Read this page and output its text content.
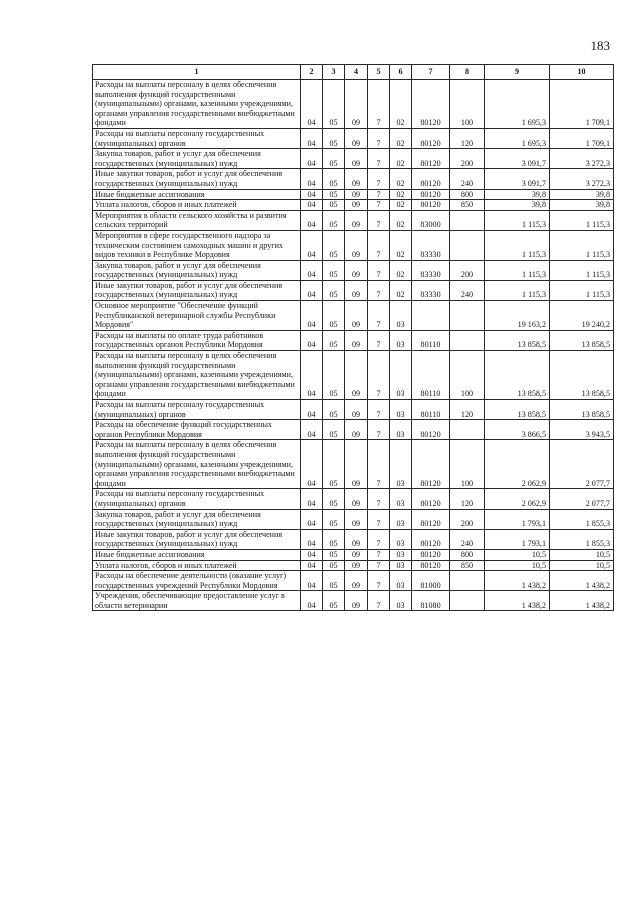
183
1	2	3	4	5	6	7	8	9	10
Расходы на выплаты персоналу в целях обеспечения выполнения функций государственными (муниципальными) органами, казенными учреждениями, органами управления государственными внебюджетными фондами	04	05	09	7	02	80120	100	1 695,3	1 709,1
Расходы на выплаты персоналу государственных (муниципальных) органов	04	05	09	7	02	80120	120	1 695,3	1 709,1
Закупка товаров, работ и услуг для обеспечения государственных (муниципальных) нужд	04	05	09	7	02	80120	200	3 091,7	3 272,3
Иные закупки товаров, работ и услуг для обеспечения государственных (муниципальных) нужд	04	05	09	7	02	80120	240	3 091,7	3 272,3
Иные бюджетные ассигнования	04	05	09	7	02	80120	800	39,8	39,8
Уплата налогов, сборов и иных платежей	04	05	09	7	02	80120	850	39,8	39,8
Мероприятия в области сельского хозяйства и развития сельских территорий	04	05	09	7	02	83000		1 115,3	1 115,3
Мероприятия в сфере государственного надзора за техническим состоянием самоходных машин и других видов техники в Республике Мордовия	04	05	09	7	02	83330		1 115,3	1 115,3
Закупка товаров, работ и услуг для обеспечения государственных (муниципальных) нужд	04	05	09	7	02	83330	200	1 115,3	1 115,3
Иные закупки товаров, работ и услуг для обеспечения государственных (муниципальных) нужд	04	05	09	7	02	83330	240	1 115,3	1 115,3
Основное мероприятие "Обеспечение функций Республиканской ветеринарной службы Республики Мордовия"	04	05	09	7	03			19 163,2	19 240,2
Расходы на выплаты по оплате труда работников государственных органов Республики Мордовия	04	05	09	7	03	80110		13 858,5	13 858,5
Расходы на выплаты персоналу в целях обеспечения выполнения функций государственными (муниципальными) органами, казенными учреждениями, органами управления государственными внебюджетными фондами	04	05	09	7	03	80110	100	13 858,5	13 858,5
Расходы на выплаты персоналу государственных (муниципальных) органов	04	05	09	7	03	80110	120	13 858,5	13 858,5
Расходы на обеспечение функций государственных органов Республики Мордовия	04	05	09	7	03	80120		3 866,5	3 943,5
Расходы на выплаты персоналу в целях обеспечения выполнения функций государственными (муниципальными) органами, казенными учреждениями, органами управления государственными внебюджетными фондами	04	05	09	7	03	80120	100	2 062,9	2 077,7
Расходы на выплаты персоналу государственных (муниципальных) органов	04	05	09	7	03	80120	120	2 062,9	2 077,7
Закупка товаров, работ и услуг для обеспечения государственных (муниципальных) нужд	04	05	09	7	03	80120	200	1 793,1	1 855,3
Иные закупки товаров, работ и услуг для обеспечения государственных (муниципальных) нужд	04	05	09	7	03	80120	240	1 793,1	1 855,3
Иные бюджетные ассигнования	04	05	09	7	03	80120	800	10,5	10,5
Уплата налогов, сборов и иных платежей	04	05	09	7	03	80120	850	10,5	10,5
Расходы на обеспечение деятельности (оказание услуг) государственных учреждений Республики Мордовия	04	05	09	7	03	81000		1 438,2	1 438,2
Учреждения, обеспечивающие предоставление услуг в области ветеринарии	04	05	09	7	03	81080		1 438,2	1 438,2
